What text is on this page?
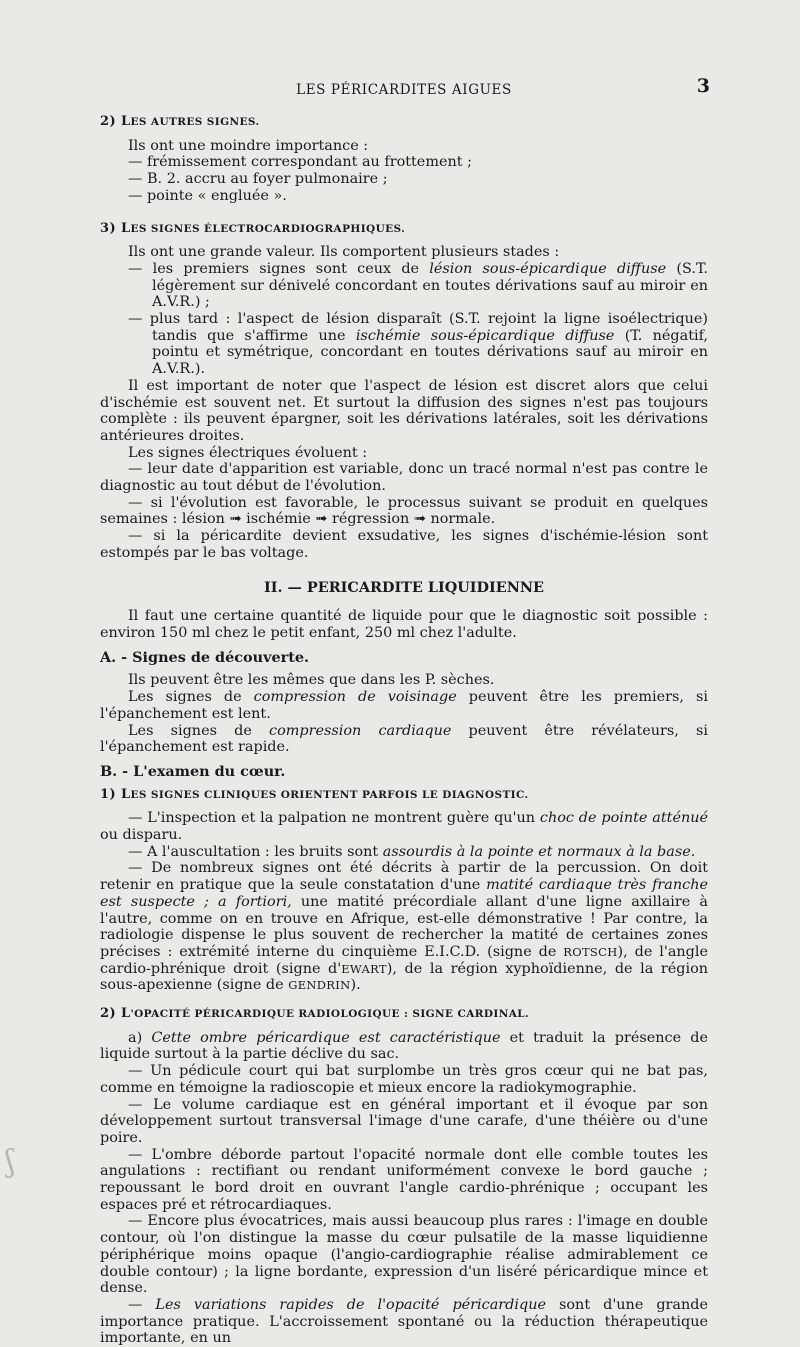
LES PÉRICARDITES AIGUES	3

2) LES AUTRES SIGNES.

Ils ont une moindre importance :

— frémissement correspondant au frottement ;

— B. 2. accru au foyer pulmonaire ;

— pointe « engluée ».

3) LES SIGNES ÉLECTROCARDIOGRAPHIQUES.

Ils ont une grande valeur. Ils comportent plusieurs stades :

— les premiers signes sont ceux de lésion sous-épicardique diffuse (S.T. légèrement sur dénivelé concordant en toutes dérivations sauf au miroir en A.V.R.) ;

— plus tard : l'aspect de lésion disparaît (S.T. rejoint la ligne isoélectrique) tandis que s'affirme une ischémie sous-épicardique diffuse (T. négatif, pointu et symétrique, concordant en toutes dérivations sauf au miroir en A.V.R.).

Il est important de noter que l'aspect de lésion est discret alors que celui d'ischémie est souvent net. Et surtout la diffusion des signes n'est pas toujours complète : ils peuvent épargner, soit les dérivations latérales, soit les dérivations antérieures droites.

Les signes électriques évoluent :

— leur date d'apparition est variable, donc un tracé normal n'est pas contre le diagnostic au tout début de l'évolution.

— si l'évolution est favorable, le processus suivant se produit en quelques semaines : lésion ➟ ischémie ➟ régression ➟ normale.

— si la péricardite devient exsudative, les signes d'ischémie-lésion sont estompés par le bas voltage.

II. — PERICARDITE LIQUIDIENNE

Il faut une certaine quantité de liquide pour que le diagnostic soit possible : environ 150 ml chez le petit enfant, 250 ml chez l'adulte.

A. - Signes de découverte.

Ils peuvent être les mêmes que dans les P. sèches.

Les signes de compression de voisinage peuvent être les premiers, si l'épanchement est lent.

Les signes de compression cardiaque peuvent être révélateurs, si l'épanchement est rapide.

B. - L'examen du cœur.

1) LES SIGNES CLINIQUES ORIENTENT PARFOIS LE DIAGNOSTIC.

— L'inspection et la palpation ne montrent guère qu'un choc de pointe atténué ou disparu.

— A l'auscultation : les bruits sont assourdis à la pointe et normaux à la base.

— De nombreux signes ont été décrits à partir de la percussion. On doit retenir en pratique que la seule constatation d'une matité cardiaque très franche est suspecte ; a fortiori, une matité précordiale allant d'une ligne axillaire à l'autre, comme on en trouve en Afrique, est-elle démonstrative ! Par contre, la radiologie dispense le plus souvent de rechercher la matité de certaines zones précises : extrémité interne du cinquième E.I.C.D. (signe de ROTSCH), de l'angle cardio-phrénique droit (signe d'EWART), de la région xyphoïdienne, de la région sous-apexienne (signe de GENDRIN).

2) L'OPACITÉ PÉRICARDIQUE RADIOLOGIQUE : SIGNE CARDINAL.

a) Cette ombre péricardique est caractéristique et traduit la présence de liquide surtout à la partie déclive du sac.

— Un pédicule court qui bat surplombe un très gros cœur qui ne bat pas, comme en témoigne la radioscopie et mieux encore la radiokymographie.

— Le volume cardiaque est en général important et il évoque par son développement surtout transversal l'image d'une carafe, d'une théière ou d'une poire.

— L'ombre déborde partout l'opacité normale dont elle comble toutes les angulations : rectifiant ou rendant uniformément convexe le bord gauche ; repoussant le bord droit en ouvrant l'angle cardio-phrénique ; occupant les espaces pré et rétrocardiaques.

— Encore plus évocatrices, mais aussi beaucoup plus rares : l'image en double contour, où l'on distingue la masse du cœur pulsatile de la masse liquidienne périphérique moins opaque (l'angio-cardiographie réalise admirablement ce double contour) ; la ligne bordante, expression d'un liséré péricardique mince et dense.

— Les variations rapides de l'opacité péricardique sont d'une grande importance pratique. L'accroissement spontané ou la réduction thérapeutique importante, en un

ʃ
